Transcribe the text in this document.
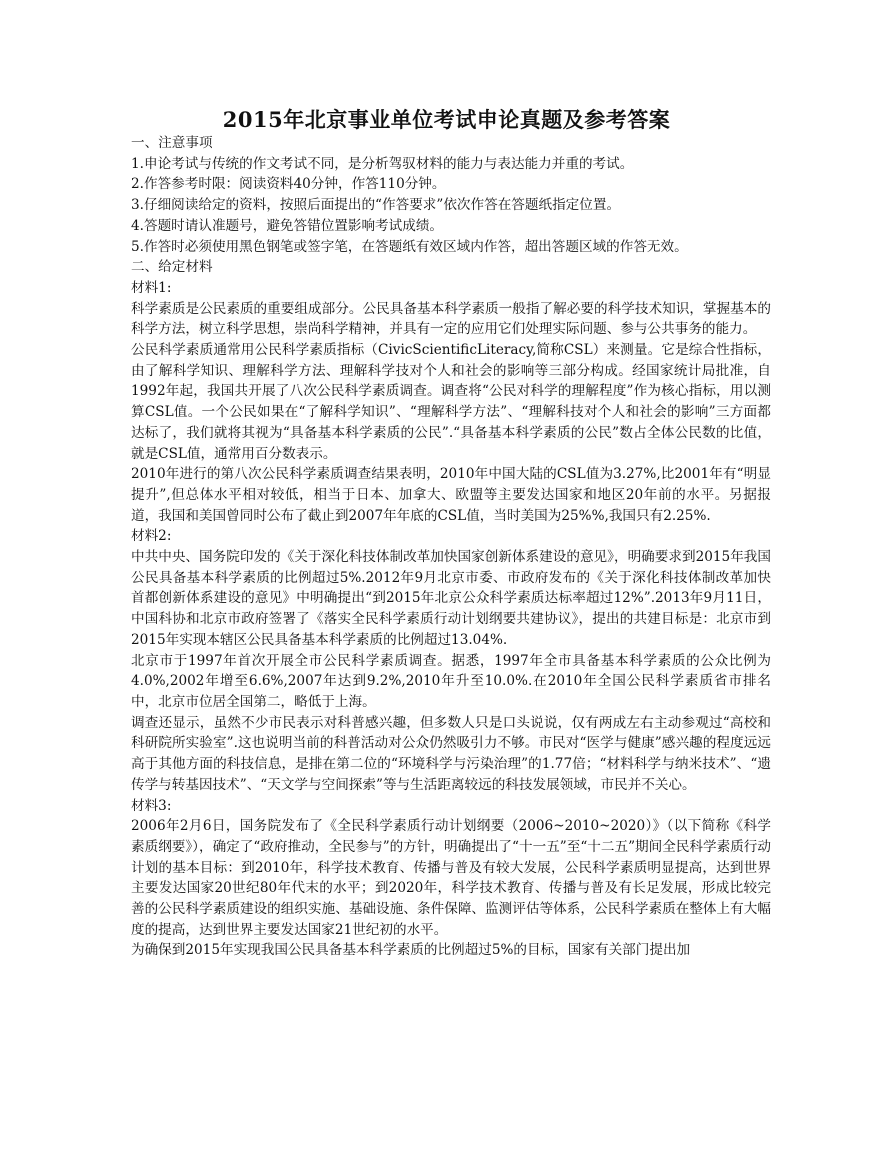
2015年北京事业单位考试申论真题及参考答案

一、注意事项

1.申论考试与传统的作文考试不同，是分析驾驭材料的能力与表达能力并重的考试。

2.作答参考时限：阅读资料40分钟，作答110分钟。

3.仔细阅读给定的资料，按照后面提出的“作答要求”依次作答在答题纸指定位置。

4.答题时请认准题号，避免答错位置影响考试成绩。

5.作答时必须使用黑色钢笔或签字笔，在答题纸有效区域内作答，超出答题区域的作答无效。

二、给定材料

材料1:

科学素质是公民素质的重要组成部分。公民具备基本科学素质一般指了解必要的科学技术知识，掌握基本的科学方法，树立科学思想，崇尚科学精神，并具有一定的应用它们处理实际问题、参与公共事务的能力。

公民科学素质通常用公民科学素质指标（CivicScientificLiteracy,简称CSL）来测量。它是综合性指标，由了解科学知识、理解科学方法、理解科学技对个人和社会的影响等三部分构成。经国家统计局批准，自1992年起，我国共开展了八次公民科学素质调查。调查将“公民对科学的理解程度”作为核心指标，用以测算CSL值。一个公民如果在“了解科学知识”、“理解科学方法”、“理解科技对个人和社会的影响”三方面都达标了，我们就将其视为“具备基本科学素质的公民”.“具备基本科学素质的公民”数占全体公民数的比值，就是CSL值，通常用百分数表示。

2010年进行的第八次公民科学素质调查结果表明，2010年中国大陆的CSL值为3.27%,比2001年有“明显提升”,但总体水平相对较低，相当于日本、加拿大、欧盟等主要发达国家和地区20年前的水平。另据报道，我国和美国曾同时公布了截止到2007年年底的CSL值，当时美国为25%%,我国只有2.25%.

材料2:

中共中央、国务院印发的《关于深化科技体制改革加快国家创新体系建设的意见》，明确要求到2015年我国公民具备基本科学素质的比例超过5%.2012年9月北京市委、市政府发布的《关于深化科技体制改革加快首都创新体系建设的意见》中明确提出“到2015年北京公众科学素质达标率超过12%”.2013年9月11日，中国科协和北京市政府签署了《落实全民科学素质行动计划纲要共建协议》，提出的共建目标是：北京市到2015年实现本辖区公民具备基本科学素质的比例超过13.04%.

北京市于1997年首次开展全市公民科学素质调查。据悉，1997年全市具备基本科学素质的公众比例为4.0%,2002年增至6.6%,2007年达到9.2%,2010年升至10.0%.在2010年全国公民科学素质省市排名中，北京市位居全国第二，略低于上海。

调查还显示，虽然不少市民表示对科普感兴趣，但多数人只是口头说说，仅有两成左右主动参观过“高校和科研院所实验室”.这也说明当前的科普活动对公众仍然吸引力不够。市民对“医学与健康”感兴趣的程度远远高于其他方面的科技信息，是排在第二位的“环境科学与污染治理”的1.77倍；“材料科学与纳米技术”、“遗传学与转基因技术”、“天文学与空间探索”等与生活距离较远的科技发展领域，市民并不关心。

材料3:

2006年2月6日，国务院发布了《全民科学素质行动计划纲要（2006~2010~2020）》（以下简称《科学素质纲要》），确定了“政府推动，全民参与”的方针，明确提出了“十一五”至“十二五”期间全民科学素质行动计划的基本目标：到2010年，科学技术教育、传播与普及有较大发展，公民科学素质明显提高，达到世界主要发达国家20世纪80年代末的水平；到2020年，科学技术教育、传播与普及有长足发展，形成比较完善的公民科学素质建设的组织实施、基础设施、条件保障、监测评估等体系，公民科学素质在整体上有大幅度的提高，达到世界主要发达国家21世纪初的水平。

为确保到2015年实现我国公民具备基本科学素质的比例超过5%的目标，国家有关部门提出加
